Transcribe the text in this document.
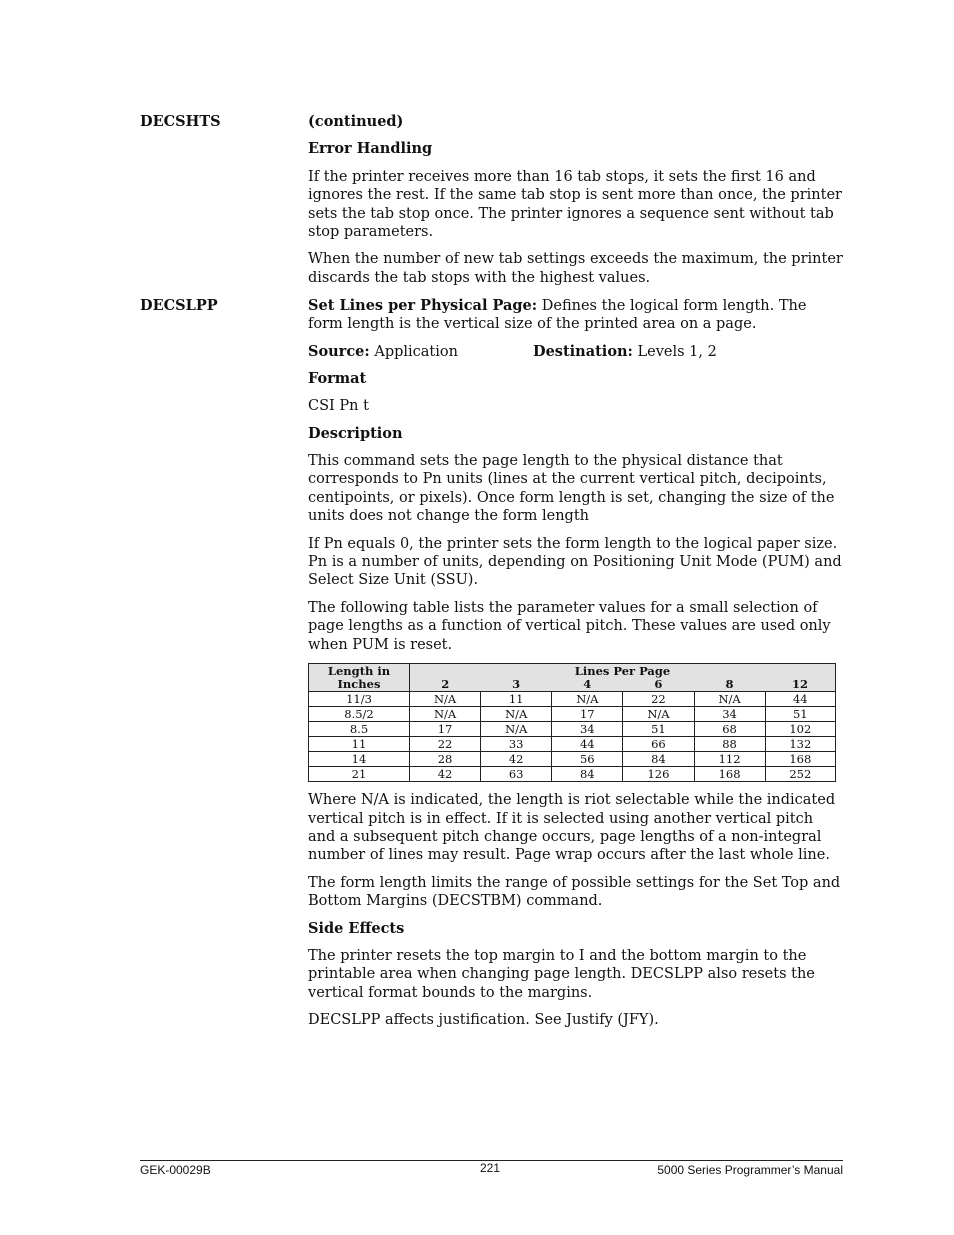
DECSHTS	(continued)

Error Handling

If the printer receives more than 16 tab stops, it sets the first 16 and ignores the rest. If the same tab stop is sent more than once, the printer sets the tab stop once. The printer ignores a sequence sent without tab stop parameters.

When the number of new tab settings exceeds the maximum, the printer discards the tab stops with the highest values.

DECSLPP	Set Lines per Physical Page: Defines the logical form length. The form length is the vertical size of the printed area on a page.

Source: Application	Destination: Levels 1, 2

Format

CSI Pn t

Description

This command sets the page length to the physical distance that corresponds to Pn units (lines at the current vertical pitch, decipoints, centipoints, or pixels). Once form length is set, changing the size of the units does not change the form length

If Pn equals 0, the printer sets the form length to the logical paper size. Pn is a number of units, depending on Positioning Unit Mode (PUM) and Select Size Unit (SSU).

The following table lists the parameter values for a small selection of page lengths as a function of vertical pitch. These values are used only when PUM is reset.

Length in Inches	Lines Per Page					
	2	3	4	6	8	12
11/3	N/A	11	N/A	22	N/A	44
8.5/2	N/A	N/A	17	N/A	34	51
8.5	17	N/A	34	51	68	102
11	22	33	44	66	88	132
14	28	42	56	84	112	168
21	42	63	84	126	168	252

Where N/A is indicated, the length is riot selectable while the indicated vertical pitch is in effect. If it is selected using another vertical pitch and a subsequent pitch change occurs, page lengths of a non-integral number of lines may result. Page wrap occurs after the last whole line.

The form length limits the range of possible settings for the Set Top and Bottom Margins (DECSTBM) command.

Side Effects

The printer resets the top margin to I and the bottom margin to the printable area when changing page length. DECSLPP also resets the vertical format bounds to the margins.

DECSLPP affects justification. See Justify (JFY).

GEK-00029B	221	5000 Series Programmer’s Manual
